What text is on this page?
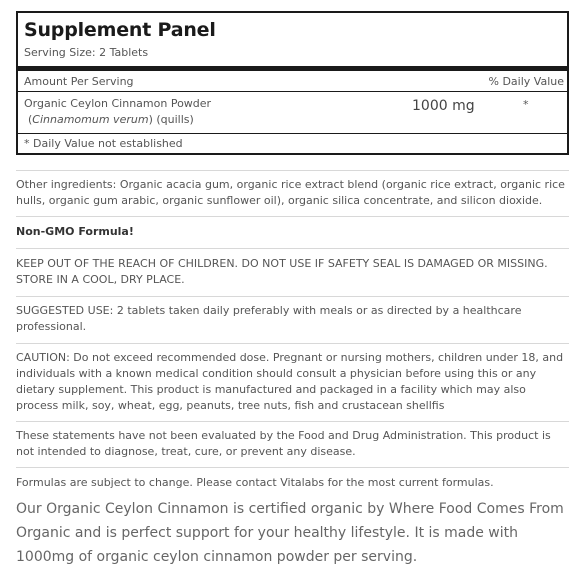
Supplement Panel
Serving Size: 2 Tablets
Amount Per Serving	% Daily Value
Organic Ceylon Cinnamon Powder
(Cinnamomum verum) (quills)
1000 mg	*
* Daily Value not established
Other ingredients: Organic acacia gum, organic rice extract blend (organic rice extract, organic rice hulls, organic gum arabic, organic sunflower oil), organic silica concentrate, and silicon dioxide.
Non-GMO Formula!
KEEP OUT OF THE REACH OF CHILDREN. DO NOT USE IF SAFETY SEAL IS DAMAGED OR MISSING. STORE IN A COOL, DRY PLACE.
SUGGESTED USE: 2 tablets taken daily preferably with meals or as directed by a healthcare professional.
CAUTION: Do not exceed recommended dose. Pregnant or nursing mothers, children under 18, and individuals with a known medical condition should consult a physician before using this or any dietary supplement. This product is manufactured and packaged in a facility which may also process milk, soy, wheat, egg, peanuts, tree nuts, fish and crustacean shellfis
These statements have not been evaluated by the Food and Drug Administration. This product is not intended to diagnose, treat, cure, or prevent any disease.
Formulas are subject to change. Please contact Vitalabs for the most current formulas.
Our Organic Ceylon Cinnamon is certified organic by Where Food Comes From Organic and is perfect support for your healthy lifestyle. It is made with 1000mg of organic ceylon cinnamon powder per serving.
